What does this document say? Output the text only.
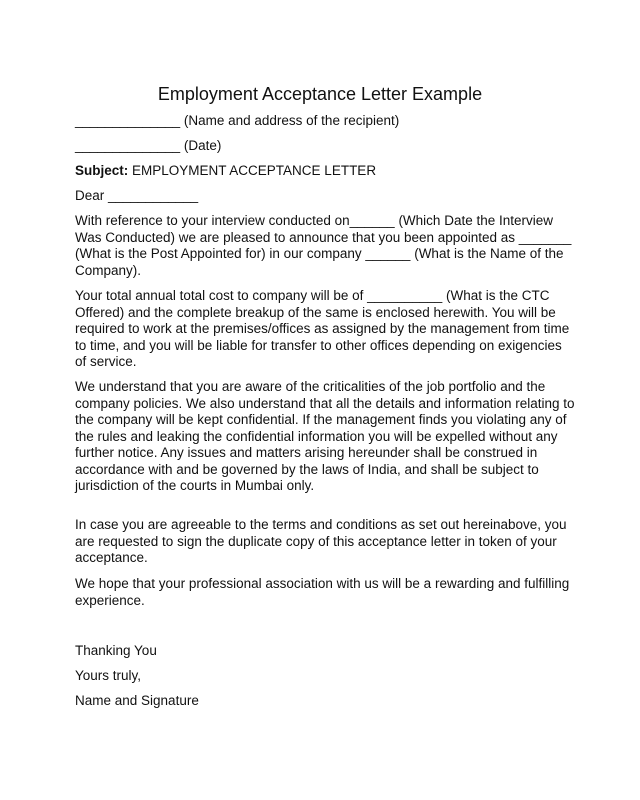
Employment Acceptance Letter Example

______________ (Name and address of the recipient)

______________ (Date)

Subject: EMPLOYMENT ACCEPTANCE LETTER

Dear ____________

With reference to your interview conducted on______ (Which Date the Interview Was Conducted) we are pleased to announce that you been appointed as _______ (What is the Post Appointed for) in our company ______ (What is the Name of the Company).

Your total annual total cost to company will be of __________ (What is the CTC Offered) and the complete breakup of the same is enclosed herewith. You will be required to work at the premises/offices as assigned by the management from time to time, and you will be liable for transfer to other offices depending on exigencies of service.

We understand that you are aware of the criticalities of the job portfolio and the company policies. We also understand that all the details and information relating to the company will be kept confidential. If the management finds you violating any of the rules and leaking the confidential information you will be expelled without any further notice. Any issues and matters arising hereunder shall be construed in accordance with and be governed by the laws of India, and shall be subject to jurisdiction of the courts in Mumbai only.

In case you are agreeable to the terms and conditions as set out hereinabove, you are requested to sign the duplicate copy of this acceptance letter in token of your acceptance.

We hope that your professional association with us will be a rewarding and fulfilling experience.

Thanking You

Yours truly,

Name and Signature
